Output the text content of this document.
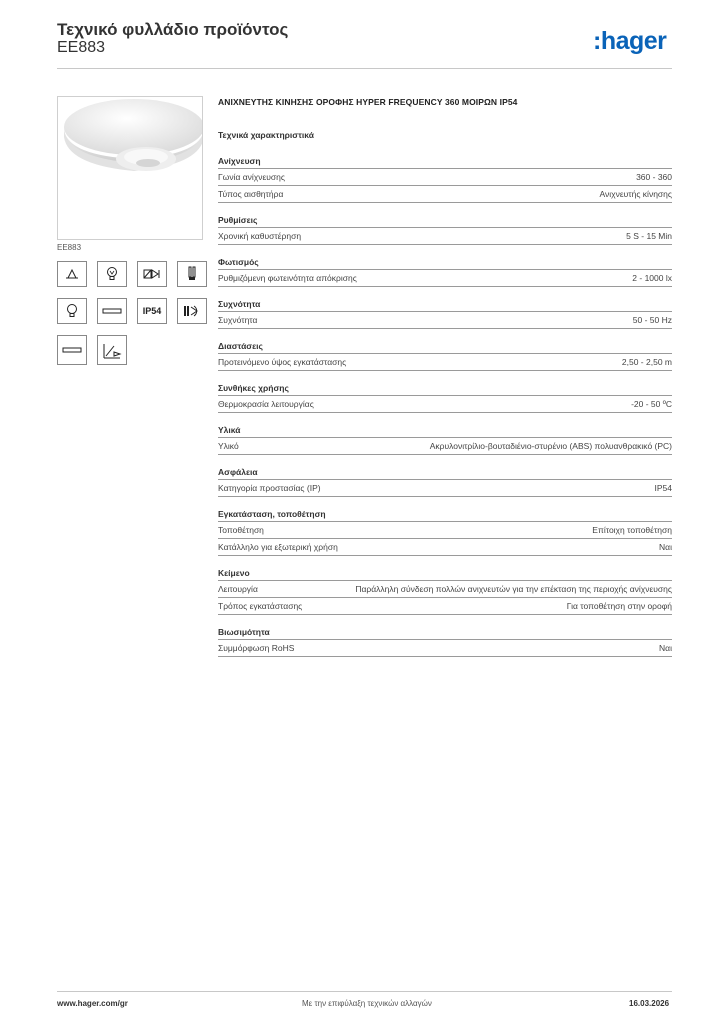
Τεχνικό φυλλάδιο προϊόντος
EE883	:hager
EE883
IP54
ΑΝΙΧΝΕΥΤΗΣ ΚΙΝΗΣΗΣ ΟΡΟΦΗΣ HYPER FREQUENCY 360 ΜΟΙΡΩΝ IP54
Τεχνικά χαρακτηριστικά
Ανίχνευση
Γωνία ανίχνευσης	360 - 360
Τύπος αισθητήρα	Ανιχνευτής κίνησης
Ρυθμίσεις
Χρονική καθυστέρηση	5 S - 15 Min
Φωτισμός
Ρυθμιζόμενη φωτεινότητα απόκρισης	2 - 1000 lx
Συχνότητα
Συχνότητα	50 - 50 Hz
Διαστάσεις
Προτεινόμενο ύψος εγκατάστασης	2,50 - 2,50 m
Συνθήκες χρήσης
Θερμοκρασία λειτουργίας	-20 - 50 ºC
Υλικά
Υλικό	Ακρυλονιτρίλιο-βουταδιένιο-στυρένιο (ABS) πολυανθρακικό (PC)
Ασφάλεια
Κατηγορία προστασίας (IP)	IP54
Εγκατάσταση, τοποθέτηση
Τοποθέτηση	Επίτοιχη τοποθέτηση
Κατάλληλο για εξωτερική χρήση	Ναι
Κείμενο
Λειτουργία	Παράλληλη σύνδεση πολλών ανιχνευτών για την επέκταση της περιοχής ανίχνευσης
Τρόπος εγκατάστασης	Για τοποθέτηση στην οροφή
Βιωσιμότητα
Συμμόρφωση RoHS	Ναι
www.hager.com/gr	Με την επιφύλαξη τεχνικών αλλαγών	16.03.2026
